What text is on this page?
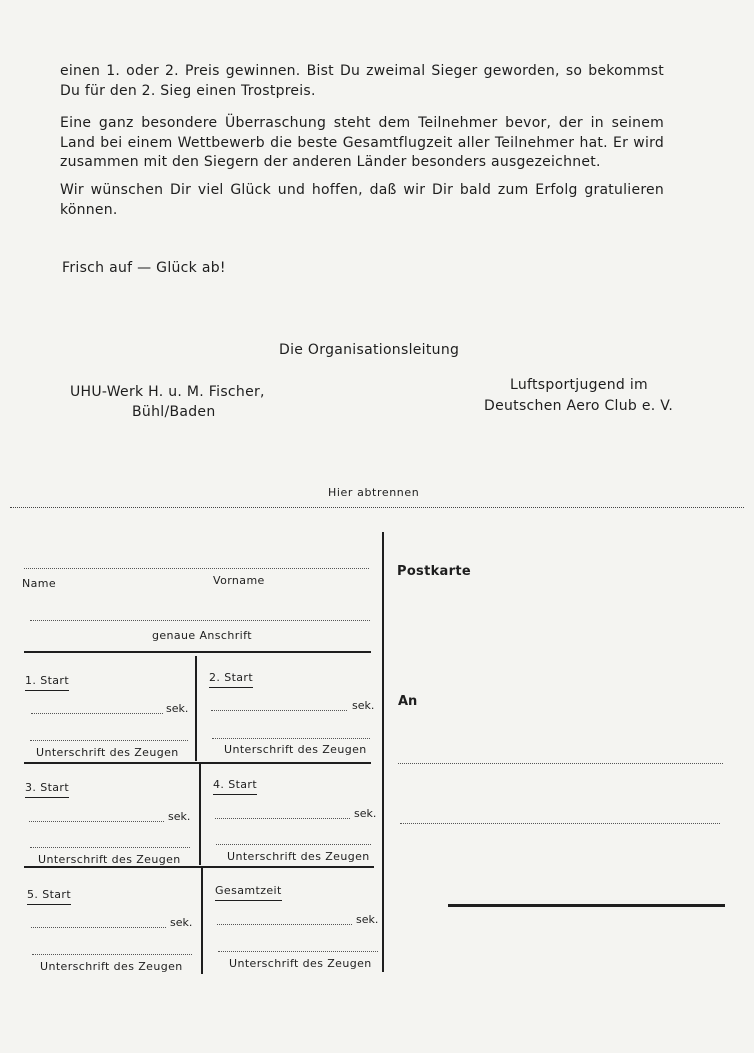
einen 1. oder 2. Preis gewinnen. Bist Du zweimal Sieger geworden, so bekommst Du für den 2. Sieg einen Trostpreis.

Eine ganz besondere Überraschung steht dem Teilnehmer bevor, der in seinem Land bei einem Wettbewerb die beste Gesamtflugzeit aller Teilnehmer hat. Er wird zusammen mit den Siegern der anderen Länder besonders ausgezeichnet.

Wir wünschen Dir viel Glück und hoffen, daß wir Dir bald zum Erfolg gratulieren können.

Frisch auf — Glück ab!
Die Organisationsleitung
UHU-Werk H. u. M. Fischer,
Bühl/Baden
Luftsportjugend im
Deutschen Aero Club e. V.
Hier abtrennen
Name	Vorname
genaue Anschrift
1. Start
sek.
Unterschrift des Zeugen
2. Start
sek.
Unterschrift des Zeugen
3. Start
sek.
Unterschrift des Zeugen
4. Start
sek.
Unterschrift des Zeugen
5. Start
sek.
Unterschrift des Zeugen
Gesamtzeit
sek.
Unterschrift des Zeugen
Postkarte
An
